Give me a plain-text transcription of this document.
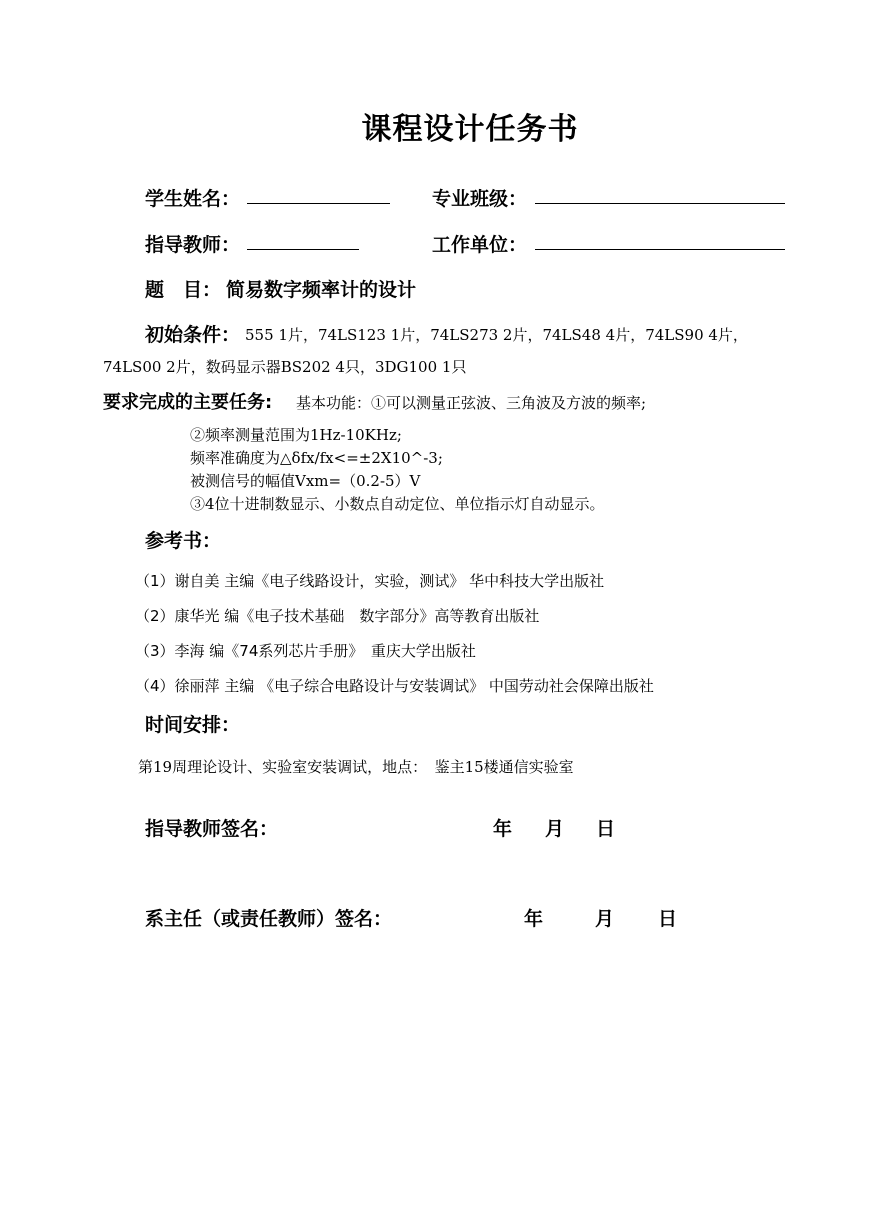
课程设计任务书
学生姓名：	专业班级：
指导教师：	工作单位：
题　目： 简易数字频率计的设计
初始条件： 555 1片，74LS123 1片，74LS273 2片，74LS48 4片，74LS90 4片，
74LS00 2片，数码显示器BS202 4只，3DG100 1只
要求完成的主要任务: 基本功能：①可以测量正弦波、三角波及方波的频率;
②频率测量范围为1Hz-10KHz;
频率准确度为△δfx/fx<=±2X10^-3;
被测信号的幅值Vxm=（0.2-5）V
③4位十进制数显示、小数点自动定位、单位指示灯自动显示。
参考书：
（1）谢自美 主编《电子线路设计，实验，测试》 华中科技大学出版社
（2）康华光 编《电子技术基础　数字部分》高等教育出版社
（3）李海 编《74系列芯片手册》　重庆大学出版社
（4）徐丽萍 主编 《电子综合电路设计与安装调试》 中国劳动社会保障出版社
时间安排：
第19周理论设计、实验室安装调试，地点：　鉴主15楼通信实验室
指导教师签名：	年 月 日
系主任（或责任教师）签名：	年	月 日
